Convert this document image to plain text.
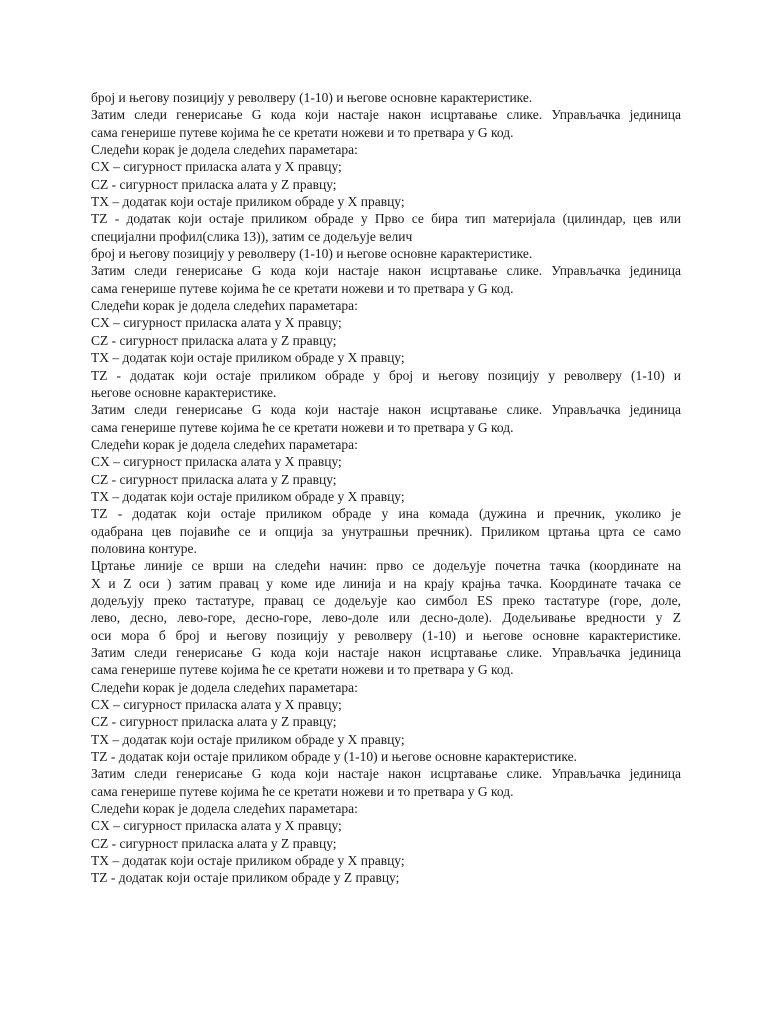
број и његову позицију у револверу (1-10) и његове основне карактеристике.
Затим следи генерисање G кода који настаје након исцртавање слике. Управљачка јединица
сама генерише путеве којима ће се кретати ножеви и то претвара у G код.
Следећи корак је додела следећих параметара:
CX – сигурност приласка алата у X правцу;
CZ - сигурност приласка алата у Z правцу;
TX – додатак који остаје приликом обраде у X правцу;
TZ - додатак који остаје приликом обраде у Прво се бира тип материјала (цилиндар, цев или
специјални профил(слика 13)), затим се додељује велич
број и његову позицију у револверу (1-10) и његове основне карактеристике.
Затим следи генерисање G кода који настаје након исцртавање слике. Управљачка јединица
сама генерише путеве којима ће се кретати ножеви и то претвара у G код.
Следећи корак је додела следећих параметара:
CX – сигурност приласка алата у X правцу;
CZ - сигурност приласка алата у Z правцу;
TX – додатак који остаје приликом обраде у X правцу;
TZ - додатак који остаје приликом обраде у број и његову позицију у револверу (1-10) и
његове основне карактеристике.
Затим следи генерисање G кода који настаје након исцртавање слике. Управљачка јединица
сама генерише путеве којима ће се кретати ножеви и то претвара у G код.
Следећи корак је додела следећих параметара:
CX – сигурност приласка алата у X правцу;
CZ - сигурност приласка алата у Z правцу;
TX – додатак који остаје приликом обраде у X правцу;
TZ - додатак који остаје приликом обраде у ина комада (дужина и пречник, уколико је
одабрана цев појавиће се и опција за унутрашњи пречник). Приликом цртања црта се само
половина контуре.
Цртање линије се врши на следећи начин: прво се додељује почетна тачка (координате на
X и Z оси ) затим правац у коме иде линија и на крају крајња тачка. Координате тачака се
додељују преко тастатуре, правац се додељује као симбол ES преко тастатуре (горе, доле,
лево, десно, лево-горе, десно-горе, лево-доле или десно-доле). Додељивање вредности у Z
оси мора б број и његову позицију у револверу (1-10) и његове основне карактеристике.
Затим следи генерисање G кода који настаје након исцртавање слике. Управљачка јединица
сама генерише путеве којима ће се кретати ножеви и то претвара у G код.
Следећи корак је додела следећих параметара:
CX – сигурност приласка алата у X правцу;
CZ - сигурност приласка алата у Z правцу;
TX – додатак који остаје приликом обраде у X правцу;
TZ - додатак који остаје приликом обраде у (1-10) и његове основне карактеристике.
Затим следи генерисање G кода који настаје након исцртавање слике. Управљачка јединица
сама генерише путеве којима ће се кретати ножеви и то претвара у G код.
Следећи корак је додела следећих параметара:
CX – сигурност приласка алата у X правцу;
CZ - сигурност приласка алата у Z правцу;
TX – додатак који остаје приликом обраде у X правцу;
TZ - додатак који остаје приликом обраде у Z правцу;
